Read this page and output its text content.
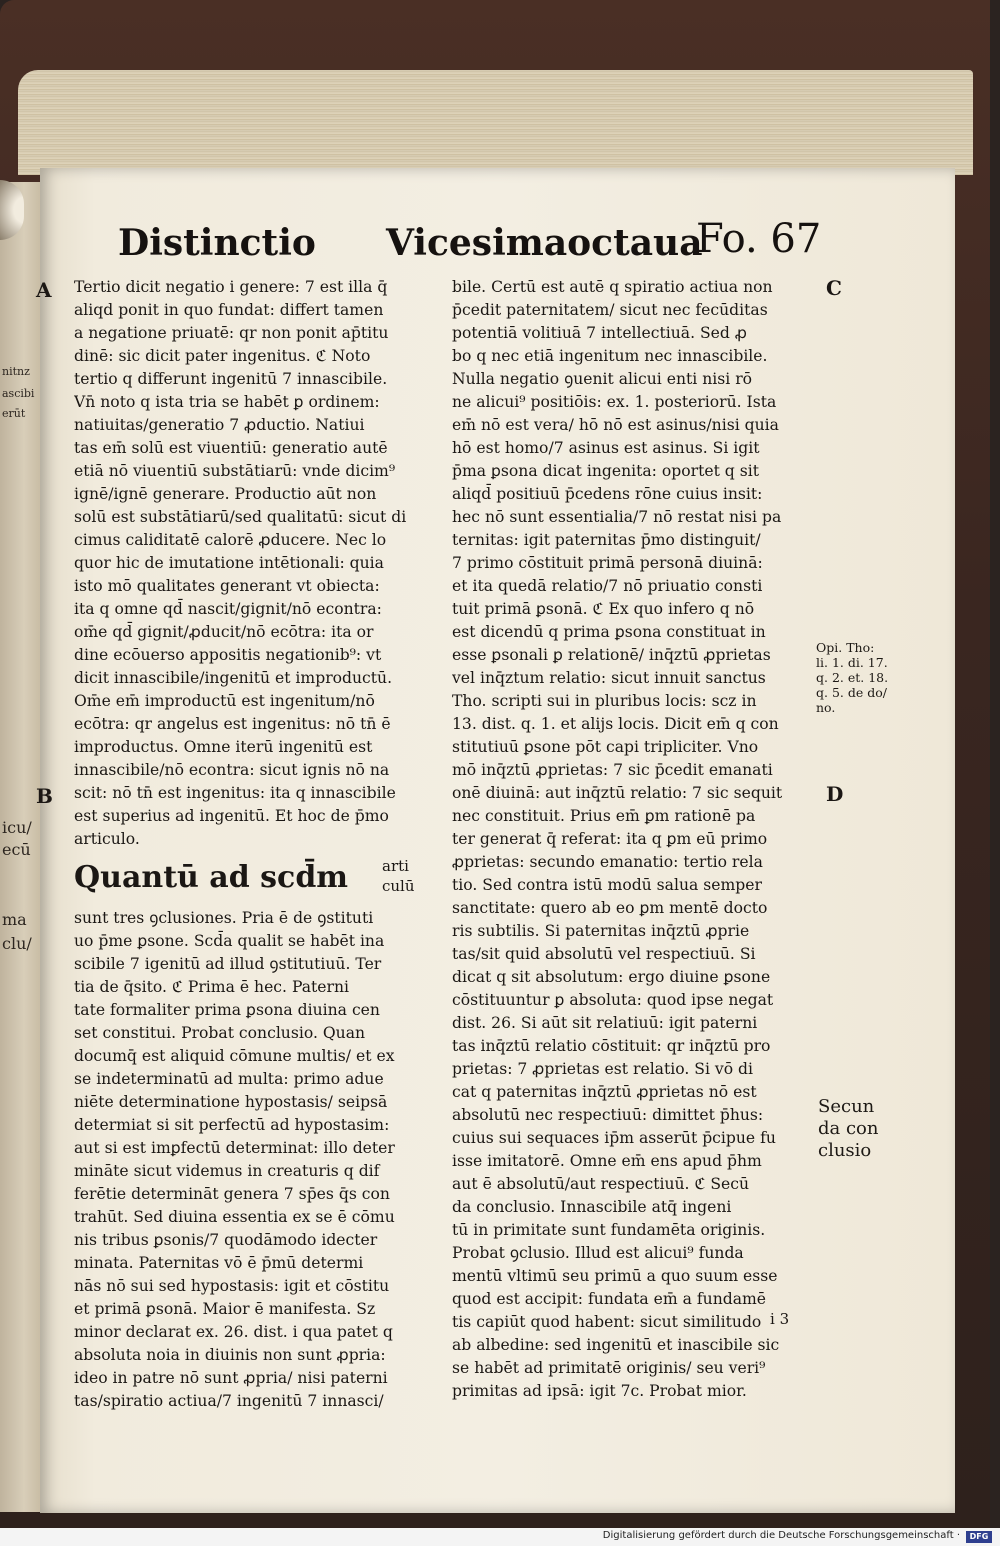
nitnz
ascibi
erūt
icu/
ecū
ma
clu/
Distinctio Vicesimaoctaua
Fo. 67
A
B
C
D
Tertio dicit negatio i genere: 7 est illa q̄
aliqd ponit in quo fundat: differt tamen
a negatione priuatē: qr non ponit ap̄titu
dinē: sic dicit pater ingenitus. ℭ Noto
tertio q differunt ingenitū 7 innascibile.
Vn̄ noto q ista tria se habēt ꝑ ordinem:
natiuitas/generatio 7 ꝓductio. Natiui
tas em̄ solū est viuentiū: generatio autē
etiā nō viuentiū substātiarū: vnde dicim⁹
ignē/ignē generare. Productio aūt non
solū est substātiarū/sed qualitatū: sicut di
cimus caliditatē calorē ꝓducere. Nec lo
quor hic de imutatione intētionali: quia
isto mō qualitates generant vt obiecta:
ita q omne qd̄ nascit/gignit/nō econtra:
om̄e qd̄ gignit/ꝓducit/nō ecōtra: ita or
dine ecōuerso appositis negationib⁹: vt
dicit innascibile/ingenitū et improductū.
Om̄e em̄ improductū est ingenitum/nō
ecōtra: qr angelus est ingenitus: nō tn̄ ē
improductus. Omne iterū ingenitū est
innascibile/nō econtra: sicut ignis nō na
scit: nō tn̄ est ingenitus: ita q innascibile
est superius ad ingenitū. Et hoc de p̄mo
articulo.
Quantū ad scd̄m arti
culū
sunt tres ꝯclusiones. Pria ē de ꝯstituti
uo p̄me ꝑsone. Scd̄a qualit se habēt ina
scibile 7 igenitū ad illud ꝯstitutiuū. Ter
tia de q̄sito. ℭ Prima ē hec. Paterni
tate formaliter prima ꝑsona diuina cen
set constitui. Probat conclusio. Quan
documq̄ est aliquid cōmune multis/ et ex
se indeterminatū ad multa: primo adue
niēte determinatione hypostasis/ seipsā
determiat si sit perfectū ad hypostasim:
aut si est imꝑfectū determinat: illo deter
mināte sicut videmus in creaturis q dif
ferētie determināt genera 7 sp̄es q̄s con
trahūt. Sed diuina essentia ex se ē cōmu
nis tribus ꝑsonis/7 quodāmodo idecter
minata. Paternitas vō ē p̄mū determi
nās nō sui sed hypostasis: igit et cōstitu
et primā ꝑsonā. Maior ē manifesta. Sz
minor declarat ex. 26. dist. i qua patet q
absoluta noia in diuinis non sunt ꝓpria:
ideo in patre nō sunt ꝓpria/ nisi paterni
tas/spiratio actiua/7 ingenitū 7 innasci/
bile. Certū est autē q spiratio actiua non
p̄cedit paternitatem/ sicut nec fecūditas
potentiā volitiuā 7 intellectiuā. Sed ꝓ
bo q nec etiā ingenitum nec innascibile.
Nulla negatio ꝯuenit alicui enti nisi rō
ne alicui⁹ positiōis: ex. 1. posteriorū. Ista
em̄ nō est vera/ hō nō est asinus/nisi quia
hō est homo/7 asinus est asinus. Si igit
p̄ma ꝑsona dicat ingenita: oportet q sit
aliqd̄ positiuū p̄cedens rōne cuius insit:
hec nō sunt essentialia/7 nō restat nisi pa
ternitas: igit paternitas p̄mo distinguit/
7 primo cōstituit primā personā diuinā:
et ita quedā relatio/7 nō priuatio consti
tuit primā ꝑsonā. ℭ Ex quo infero q nō
est dicendū q prima ꝑsona constituat in
esse ꝑsonali ꝑ relationē/ inq̄ztū ꝓprietas
vel inq̄ztum relatio: sicut innuit sanctus
Tho. scripti sui in pluribus locis: scz in
13. dist. q. 1. et alijs locis. Dicit em̄ q con
stitutiuū ꝑsone pōt capi tripliciter. Vno
mō inq̄ztū ꝓprietas: 7 sic p̄cedit emanati
onē diuinā: aut inq̄ztū relatio: 7 sic sequit
nec constituit. Prius em̄ ꝑm rationē pa
ter generat q̄ referat: ita q ꝑm eū primo
ꝓprietas: secundo emanatio: tertio rela
tio. Sed contra istū modū salua semper
sanctitate: quero ab eo ꝑm mentē docto
ris subtilis. Si paternitas inq̄ztū ꝓprie
tas/sit quid absolutū vel respectiuū. Si
dicat q sit absolutum: ergo diuine ꝑsone
cōstituuntur ꝑ absoluta: quod ipse negat
dist. 26. Si aūt sit relatiuū: igit paterni
tas inq̄ztū relatio cōstituit: qr inq̄ztū pro
prietas: 7 ꝓprietas est relatio. Si vō di
cat q paternitas inq̄ztū ꝓprietas nō est
absolutū nec respectiuū: dimittet p̄hus:
cuius sui sequaces ip̄m asserūt p̄cipue fu
isse imitatorē. Omne em̄ ens apud p̄hm
aut ē absolutū/aut respectiuū. ℭ Secū
da conclusio. Innascibile atq̄ ingeni
tū in primitate sunt fundamēta originis.
Probat ꝯclusio. Illud est alicui⁹ funda
mentū vltimū seu primū a quo suum esse
quod est accipit: fundata em̄ a fundamē
tis capiūt quod habent: sicut similitudo
ab albedine: sed ingenitū et inascibile sic
se habēt ad primitatē originis/ seu veri⁹
primitas ad ipsā: igit 7c. Probat mior.
Opi. Tho:
li. 1. di. 17.
q. 2. et. 18.
q. 5. de do/
no.
Secun
da con
clusio
i 3
Digitalisierung gefördert durch die Deutsche Forschungsgemeinschaft ·	DFG
